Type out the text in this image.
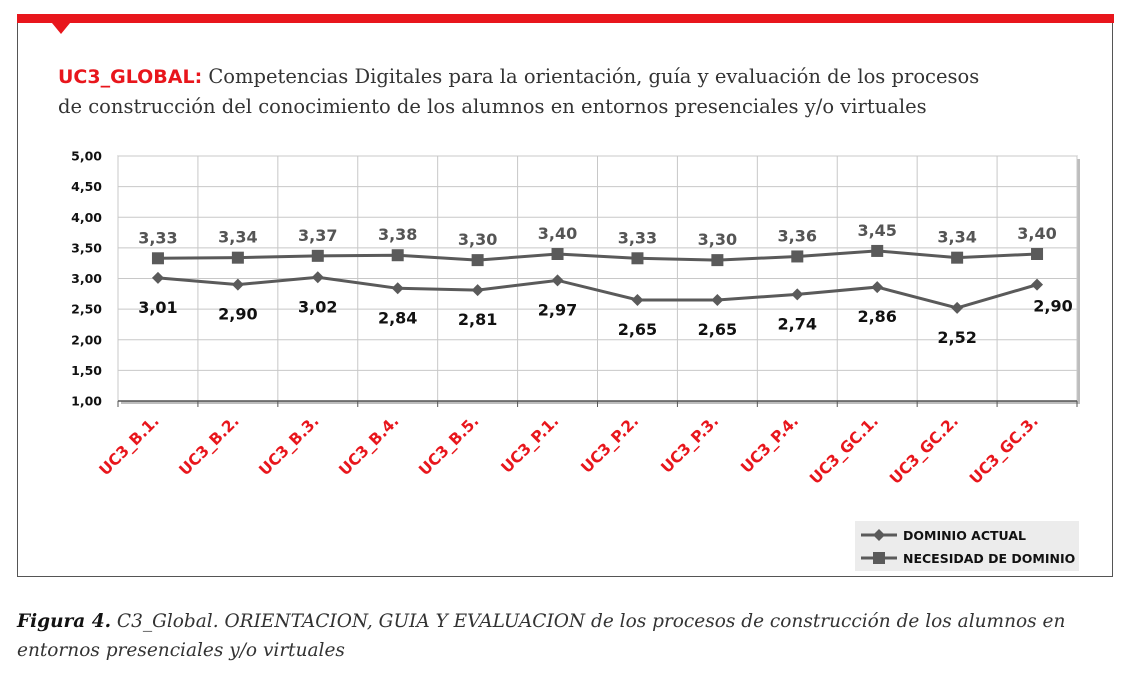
UC3_GLOBAL: Competencias Digitales para la orientación, guía y evaluación de los procesos
de construcción del conocimiento de los alumnos en entornos presenciales y/o virtuales
1,00
1,50
2,00
2,50
3,00
3,50
4,00
4,50
5,00
UC3_B.1. UC3_B.2. UC3_B.3. UC3_B.4. UC3_B.5. UC3_P.1. UC3_P.2. UC3_P.3. UC3_P.4. UC3_GC.1. UC3_GC.2. UC3_GC.3.
3,01	2,90	3,02
2,84	2,81
2,97
2,65	2,65	2,74	2,86
2,52
2,90
3,33	3,34	3,37	3,38	3,30	3,40	3,33	3,30	3,36	3,45	3,34	3,40
DOMINIO ACTUAL
NECESIDAD DE DOMINIO
Figura 4. C3_Global. ORIENTACION, GUIA Y EVALUACION de los procesos de construcción de los alumnos en entornos presenciales y/o virtuales
